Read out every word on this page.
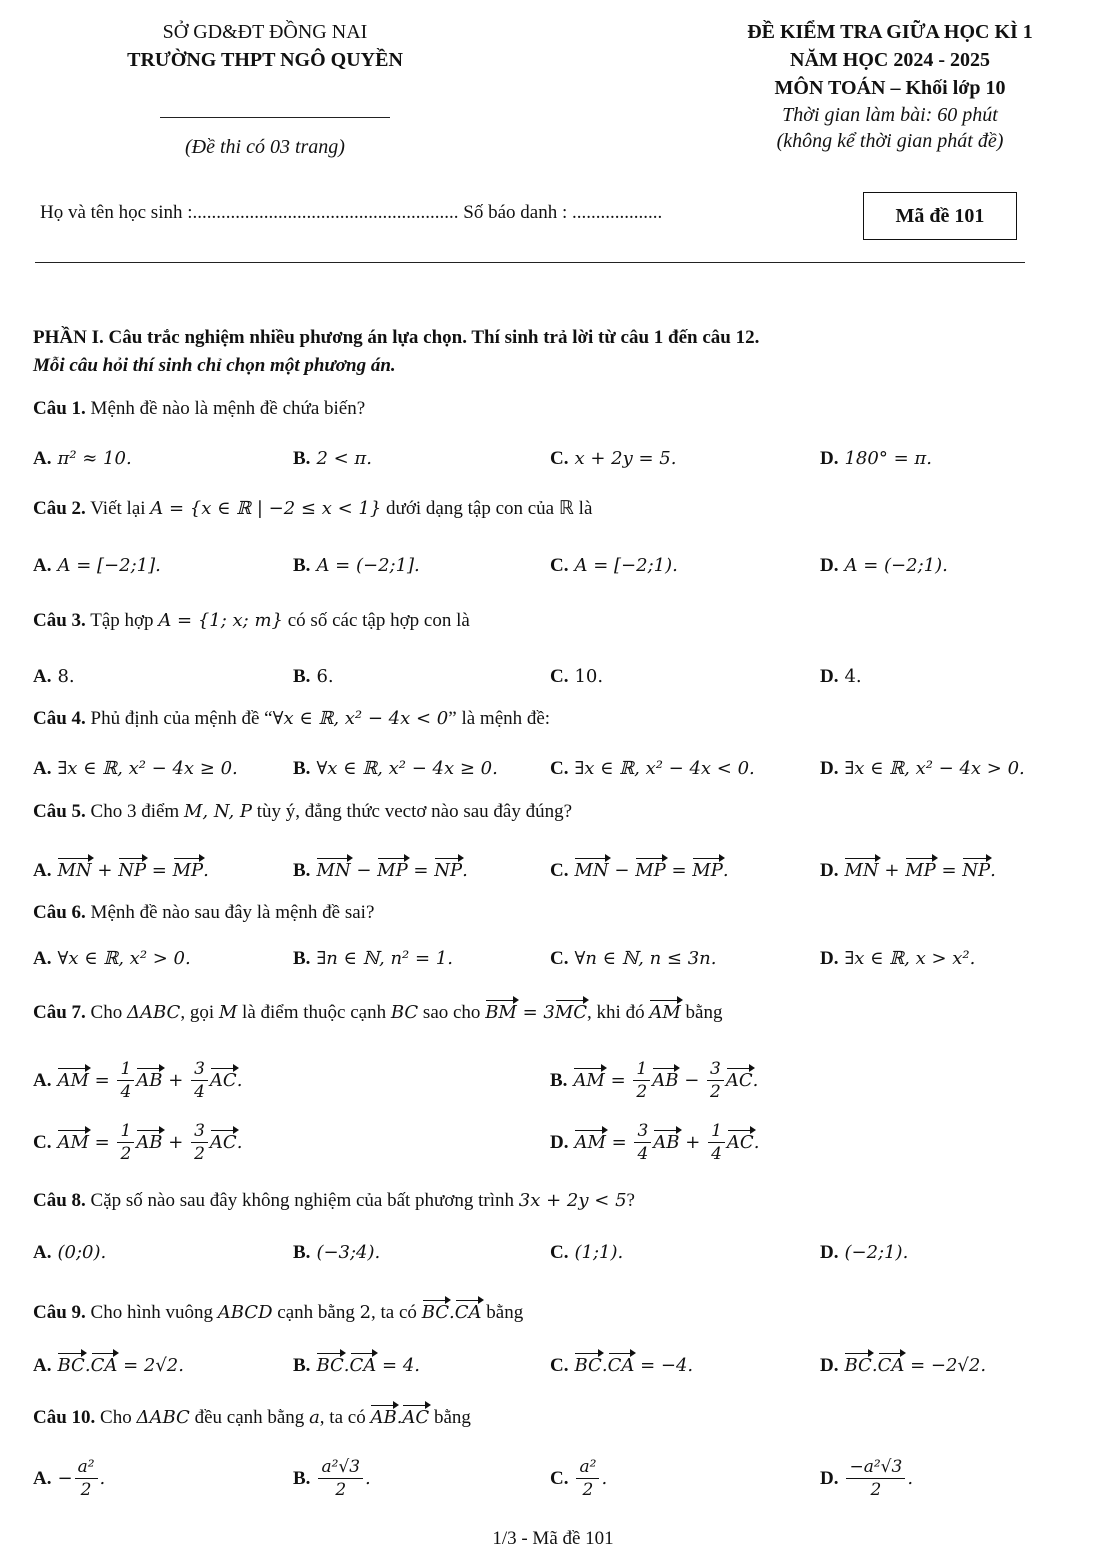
SỞ GD&ĐT ĐỒNG NAI
TRƯỜNG THPT NGÔ QUYỀN
(Đề thi có 03 trang)
ĐỀ KIỂM TRA GIỮA HỌC KÌ 1
NĂM HỌC 2024 - 2025
MÔN TOÁN – Khối lớp 10
Thời gian làm bài: 60 phút
(không kể thời gian phát đề)
Họ và tên học sinh :........................................................ Số báo danh : ...................	Mã đề 101
PHẦN I. Câu trắc nghiệm nhiều phương án lựa chọn. Thí sinh trả lời từ câu 1 đến câu 12.
Mỗi câu hỏi thí sinh chỉ chọn một phương án.
Câu 1. Mệnh đề nào là mệnh đề chứa biến?
A. π² ≈ 10.	B. 2 < π.	C. x + 2y = 5.	D. 180° = π.
Câu 2. Viết lại A = {x ∈ ℝ | −2 ≤ x < 1} dưới dạng tập con của ℝ là
A. A = [−2;1].	B. A = (−2;1].	C. A = [−2;1).	D. A = (−2;1).
Câu 3. Tập hợp A = {1; x; m} có số các tập hợp con là
A. 8.	B. 6.	C. 10.	D. 4.
Câu 4. Phủ định của mệnh đề “∀x ∈ ℝ, x² − 4x < 0” là mệnh đề:
A. ∃x ∈ ℝ, x² − 4x ≥ 0.	B. ∀x ∈ ℝ, x² − 4x ≥ 0.	C. ∃x ∈ ℝ, x² − 4x < 0.	D. ∃x ∈ ℝ, x² − 4x > 0.
Câu 5. Cho 3 điểm M, N, P tùy ý, đẳng thức vectơ nào sau đây đúng?
A. MN + NP = MP.	B. MN − MP = NP.	C. MN − MP = MP.	D. MN + MP = NP.
Câu 6. Mệnh đề nào sau đây là mệnh đề sai?
A. ∀x ∈ ℝ, x² > 0.	B. ∃n ∈ ℕ, n² = 1.	C. ∀n ∈ ℕ, n ≤ 3n.	D. ∃x ∈ ℝ, x > x².
Câu 7. Cho ΔABC, gọi M là điểm thuộc cạnh BC sao cho BM = 3MC, khi đó AM bằng
A. AM = $\frac{1}{4}$ AB + $\frac{3}{4}$ AC.	B. AM = $\frac{1}{2}$ AB − $\frac{3}{2}$ AC.
C. AM = $\frac{1}{2}$ AB + $\frac{3}{2}$ AC.	D. AM = $\frac{3}{4}$ AB + $\frac{1}{4}$ AC.
Câu 8. Cặp số nào sau đây không nghiệm của bất phương trình 3x + 2y < 5?
A. (0;0).	B. (−3;4).	C. (1;1).	D. (−2;1).
Câu 9. Cho hình vuông ABCD cạnh bằng 2, ta có BC.CA bằng
A. BC.CA = 2√2.	B. BC.CA = 4.	C. BC.CA = −4.	D. BC.CA = −2√2.
Câu 10. Cho ΔABC đều cạnh bằng a, ta có AB.AC bằng
A. − $\frac{\text{a²}}{2}$ .	B. $\frac{\text{a²√3}}{2}$ .	C. $\frac{\text{a²}}{2}$ .	D. $\frac{\text{−a²√3}}{2}$ .
1/3 - Mã đề 101
